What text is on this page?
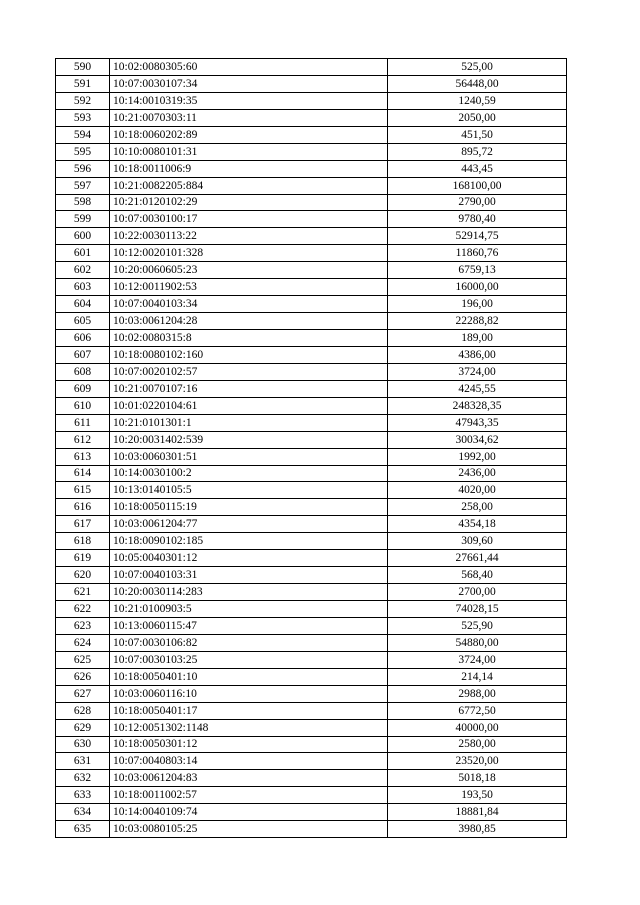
590	10:02:0080305:60	525,00
591	10:07:0030107:34	56448,00
592	10:14:0010319:35	1240,59
593	10:21:0070303:11	2050,00
594	10:18:0060202:89	451,50
595	10:10:0080101:31	895,72
596	10:18:0011006:9	443,45
597	10:21:0082205:884	168100,00
598	10:21:0120102:29	2790,00
599	10:07:0030100:17	9780,40
600	10:22:0030113:22	52914,75
601	10:12:0020101:328	11860,76
602	10:20:0060605:23	6759,13
603	10:12:0011902:53	16000,00
604	10:07:0040103:34	196,00
605	10:03:0061204:28	22288,82
606	10:02:0080315:8	189,00
607	10:18:0080102:160	4386,00
608	10:07:0020102:57	3724,00
609	10:21:0070107:16	4245,55
610	10:01:0220104:61	248328,35
611	10:21:0101301:1	47943,35
612	10:20:0031402:539	30034,62
613	10:03:0060301:51	1992,00
614	10:14:0030100:2	2436,00
615	10:13:0140105:5	4020,00
616	10:18:0050115:19	258,00
617	10:03:0061204:77	4354,18
618	10:18:0090102:185	309,60
619	10:05:0040301:12	27661,44
620	10:07:0040103:31	568,40
621	10:20:0030114:283	2700,00
622	10:21:0100903:5	74028,15
623	10:13:0060115:47	525,90
624	10:07:0030106:82	54880,00
625	10:07:0030103:25	3724,00
626	10:18:0050401:10	214,14
627	10:03:0060116:10	2988,00
628	10:18:0050401:17	6772,50
629	10:12:0051302:1148	40000,00
630	10:18:0050301:12	2580,00
631	10:07:0040803:14	23520,00
632	10:03:0061204:83	5018,18
633	10:18:0011002:57	193,50
634	10:14:0040109:74	18881,84
635	10:03:0080105:25	3980,85
